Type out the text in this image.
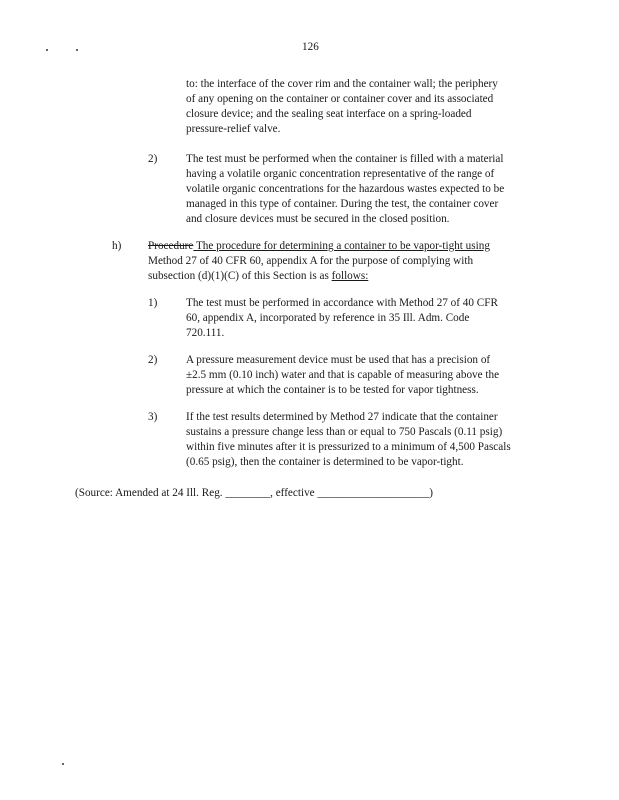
126
to: the interface of the cover rim and the container wall; the periphery
of any opening on the container or container cover and its associated
closure device; and the sealing seat interface on a spring-loaded
pressure-relief valve.
2)	The test must be performed when the container is filled with a material
having a volatile organic concentration representative of the range of
volatile organic concentrations for the hazardous wastes expected to be
managed in this type of container. During the test, the container cover
and closure devices must be secured in the closed position.
h) Procedure The procedure for determining a container to be vapor-tight using
Method 27 of 40 CFR 60, appendix A for the purpose of complying with
subsection (d)(1)(C) of this Section is as follows:
1)	The test must be performed in accordance with Method 27 of 40 CFR
60, appendix A, incorporated by reference in 35 Ill. Adm. Code
720.111.
2)	A pressure measurement device must be used that has a precision of
±2.5 mm (0.10 inch) water and that is capable of measuring above the
pressure at which the container is to be tested for vapor tightness.
3)	If the test results determined by Method 27 indicate that the container
sustains a pressure change less than or equal to 750 Pascals (0.11 psig)
within five minutes after it is pressurized to a minimum of 4,500 Pascals
(0.65 psig), then the container is determined to be vapor-tight.
(Source: Amended at 24 Ill. Reg. ________, effective ____________________)
